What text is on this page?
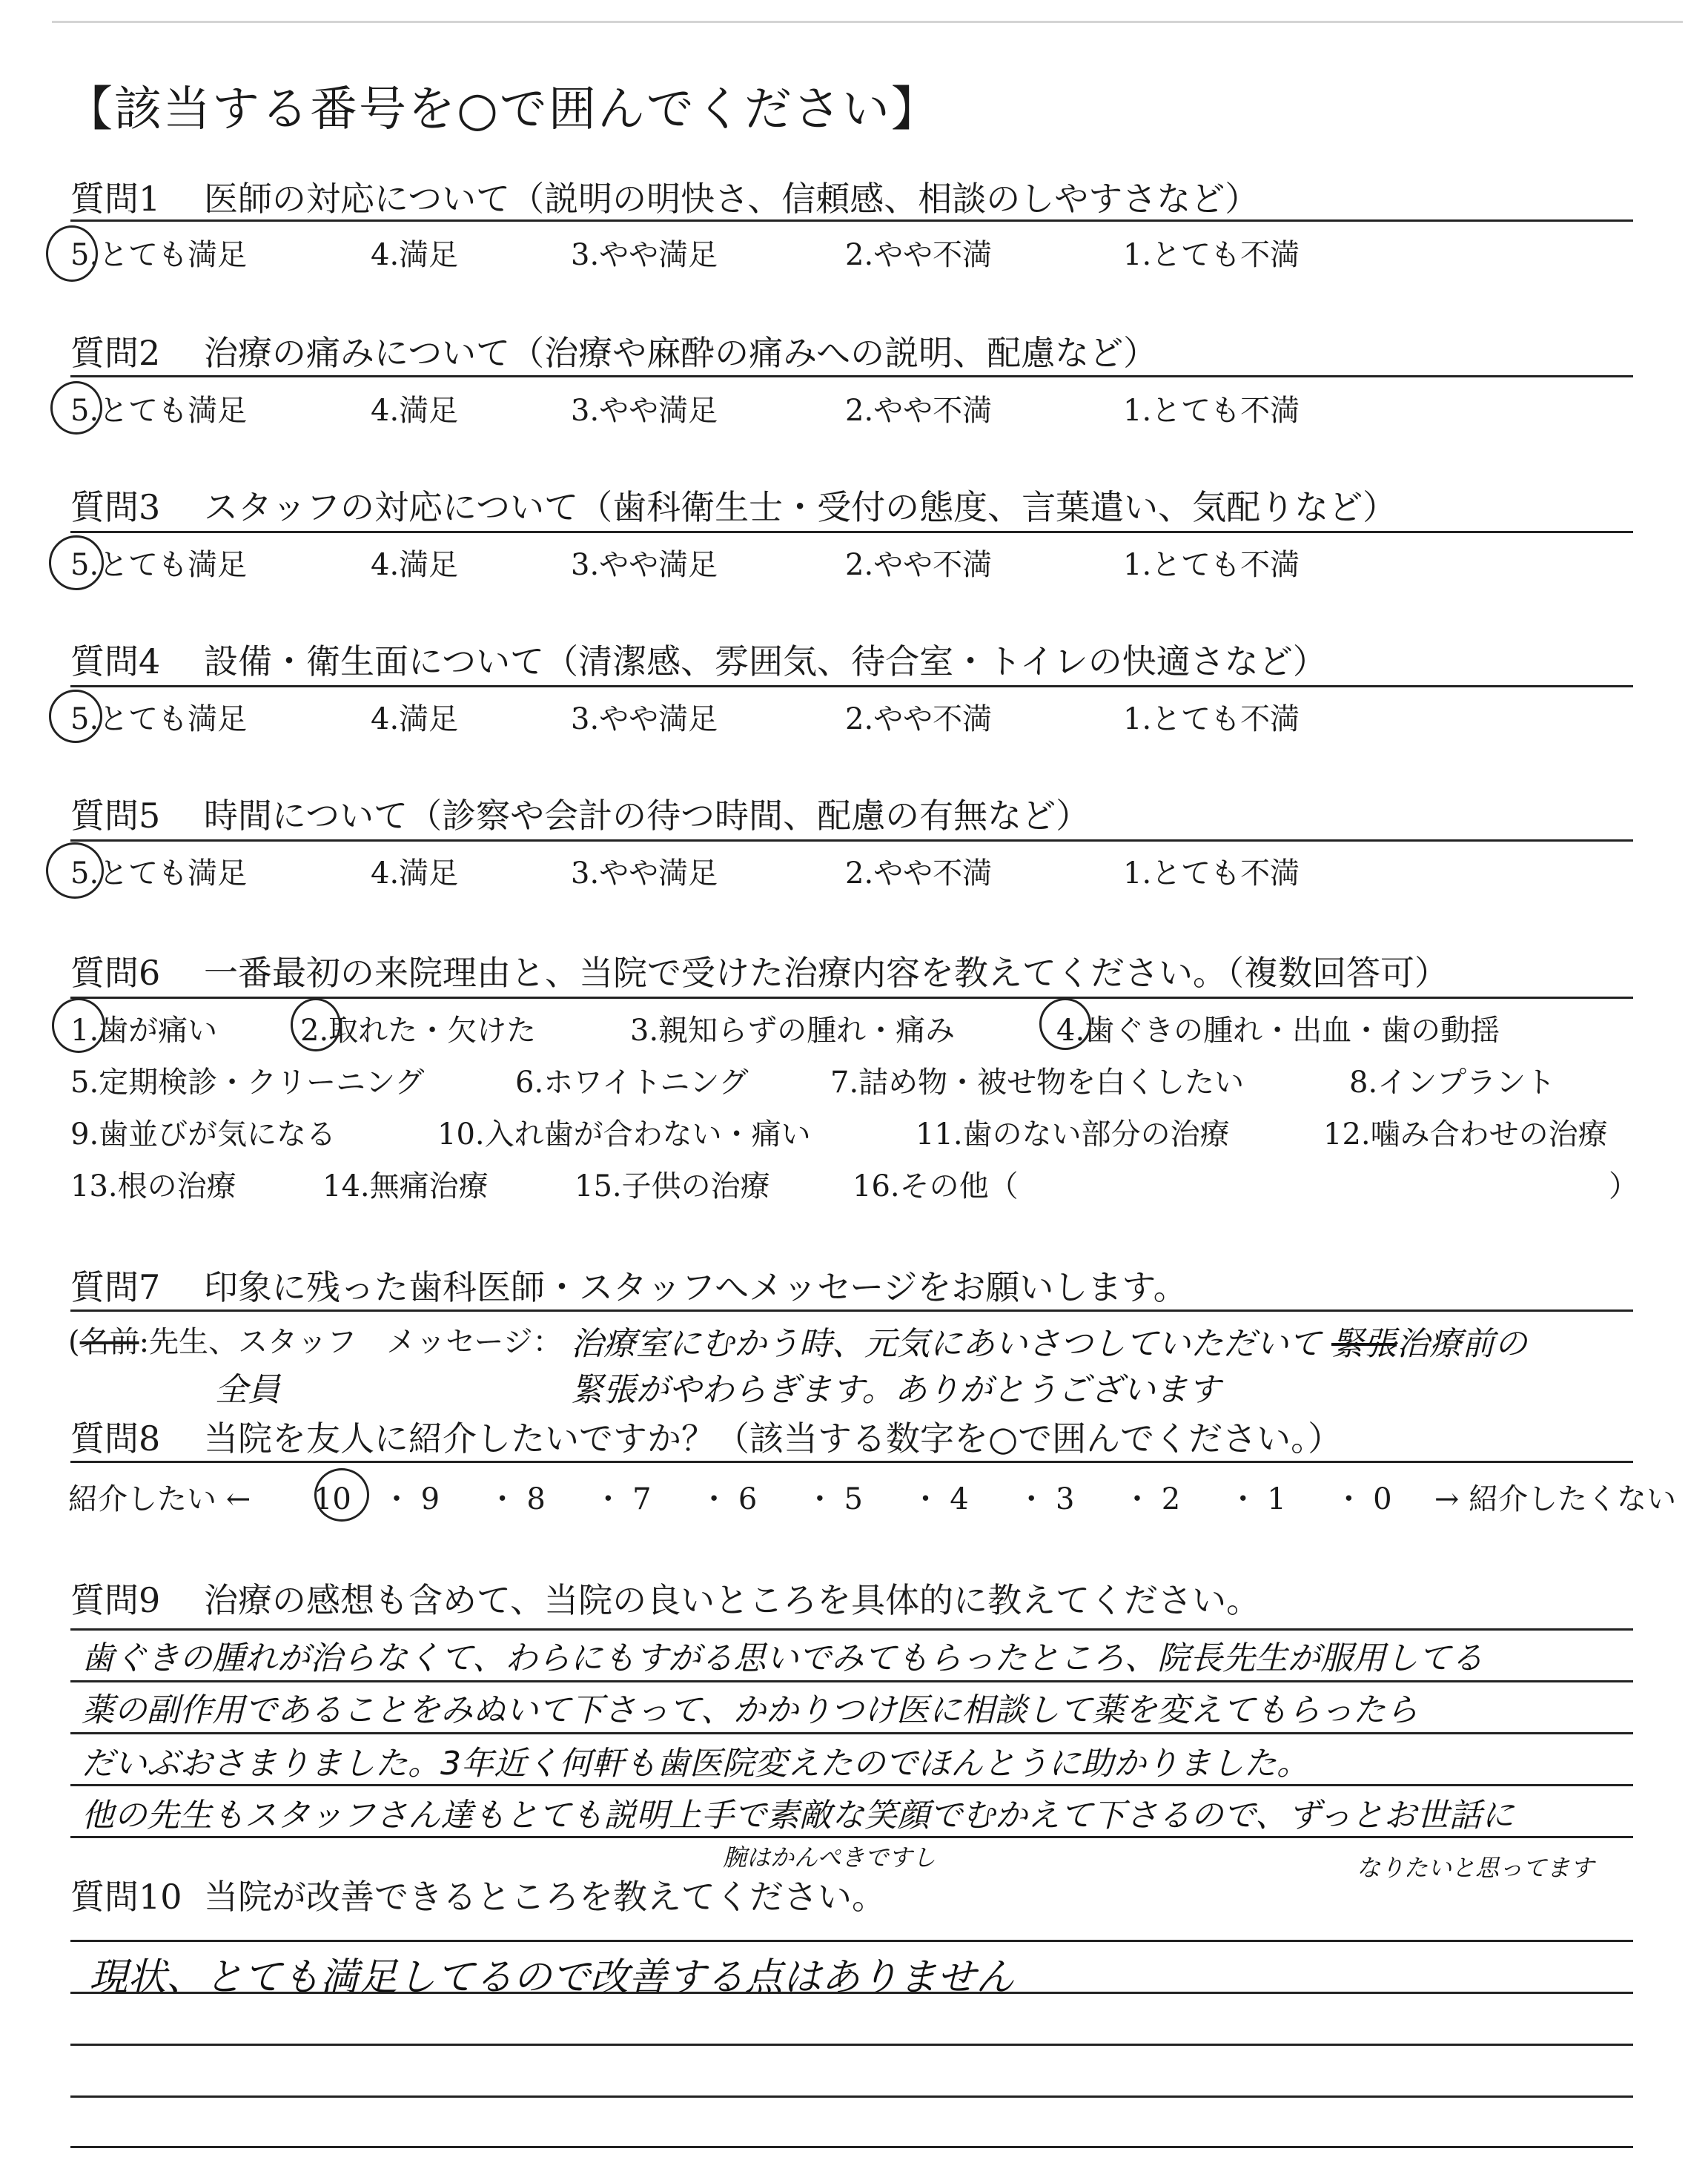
【該当する番号を○で囲んでください】
質問1 医師の対応について（説明の明快さ、信頼感、相談のしやすさなど）
5.とても満足	4.満足	3.やや満足	2.やや不満	1.とても不満
質問2 治療の痛みについて（治療や麻酔の痛みへの説明、配慮など）
5.とても満足	4.満足	3.やや満足	2.やや不満	1.とても不満
質問3 スタッフの対応について（歯科衛生士・受付の態度、言葉遣い、気配りなど）
5.とても満足	4.満足	3.やや満足	2.やや不満	1.とても不満
質問4 設備・衛生面について（清潔感、雰囲気、待合室・トイレの快適さなど）
5.とても満足	4.満足	3.やや満足	2.やや不満	1.とても不満
質問5 時間について（診察や会計の待つ時間、配慮の有無など）
5.とても満足	4.満足	3.やや満足	2.やや不満	1.とても不満
質問6 一番最初の来院理由と、当院で受けた治療内容を教えてください。（複数回答可）
1.歯が痛い	2.取れた・欠けた	3.親知らずの腫れ・痛み	4.歯ぐきの腫れ・出血・歯の動揺
5.定期検診・クリーニング	6.ホワイトニング	7.詰め物・被せ物を白くしたい	8.インプラント
9.歯並びが気になる	10.入れ歯が合わない・痛い	11.歯のない部分の治療	12.噛み合わせの治療
13.根の治療	14.無痛治療	15.子供の治療	16.その他（	）
質問7 印象に残った歯科医師・スタッフへメッセージをお願いします。
(名前:先生、スタッフ　メッセージ： 治療室にむかう時、元気にあいさつしていただいて 緊張治療前の
全員	緊張がやわらぎます。ありがとうございます
質問8 当院を友人に紹介したいですか？（該当する数字を○で囲んでください。）
紹介したい ← 10 ・ 9 ・ 8 ・ 7 ・ 6 ・ 5 ・ 4 ・ 3 ・ 2 ・ 1 ・ 0 → 紹介したくない
質問9 治療の感想も含めて、当院の良いところを具体的に教えてください。
歯ぐきの腫れが治らなくて、わらにもすがる思いでみてもらったところ、院長先生が服用してる
薬の副作用であることをみぬいて下さって、かかりつけ医に相談して薬を変えてもらったら
だいぶおさまりました。3年近く何軒も歯医院変えたのでほんとうに助かりました。
他の先生もスタッフさん達もとても説明上手で素敵な笑顔でむかえて下さるので、ずっとお世話に
腕はかんぺきですし	なりたいと思ってます
質問10 当院が改善できるところを教えてください。
現状、とても満足してるので改善する点はありません
